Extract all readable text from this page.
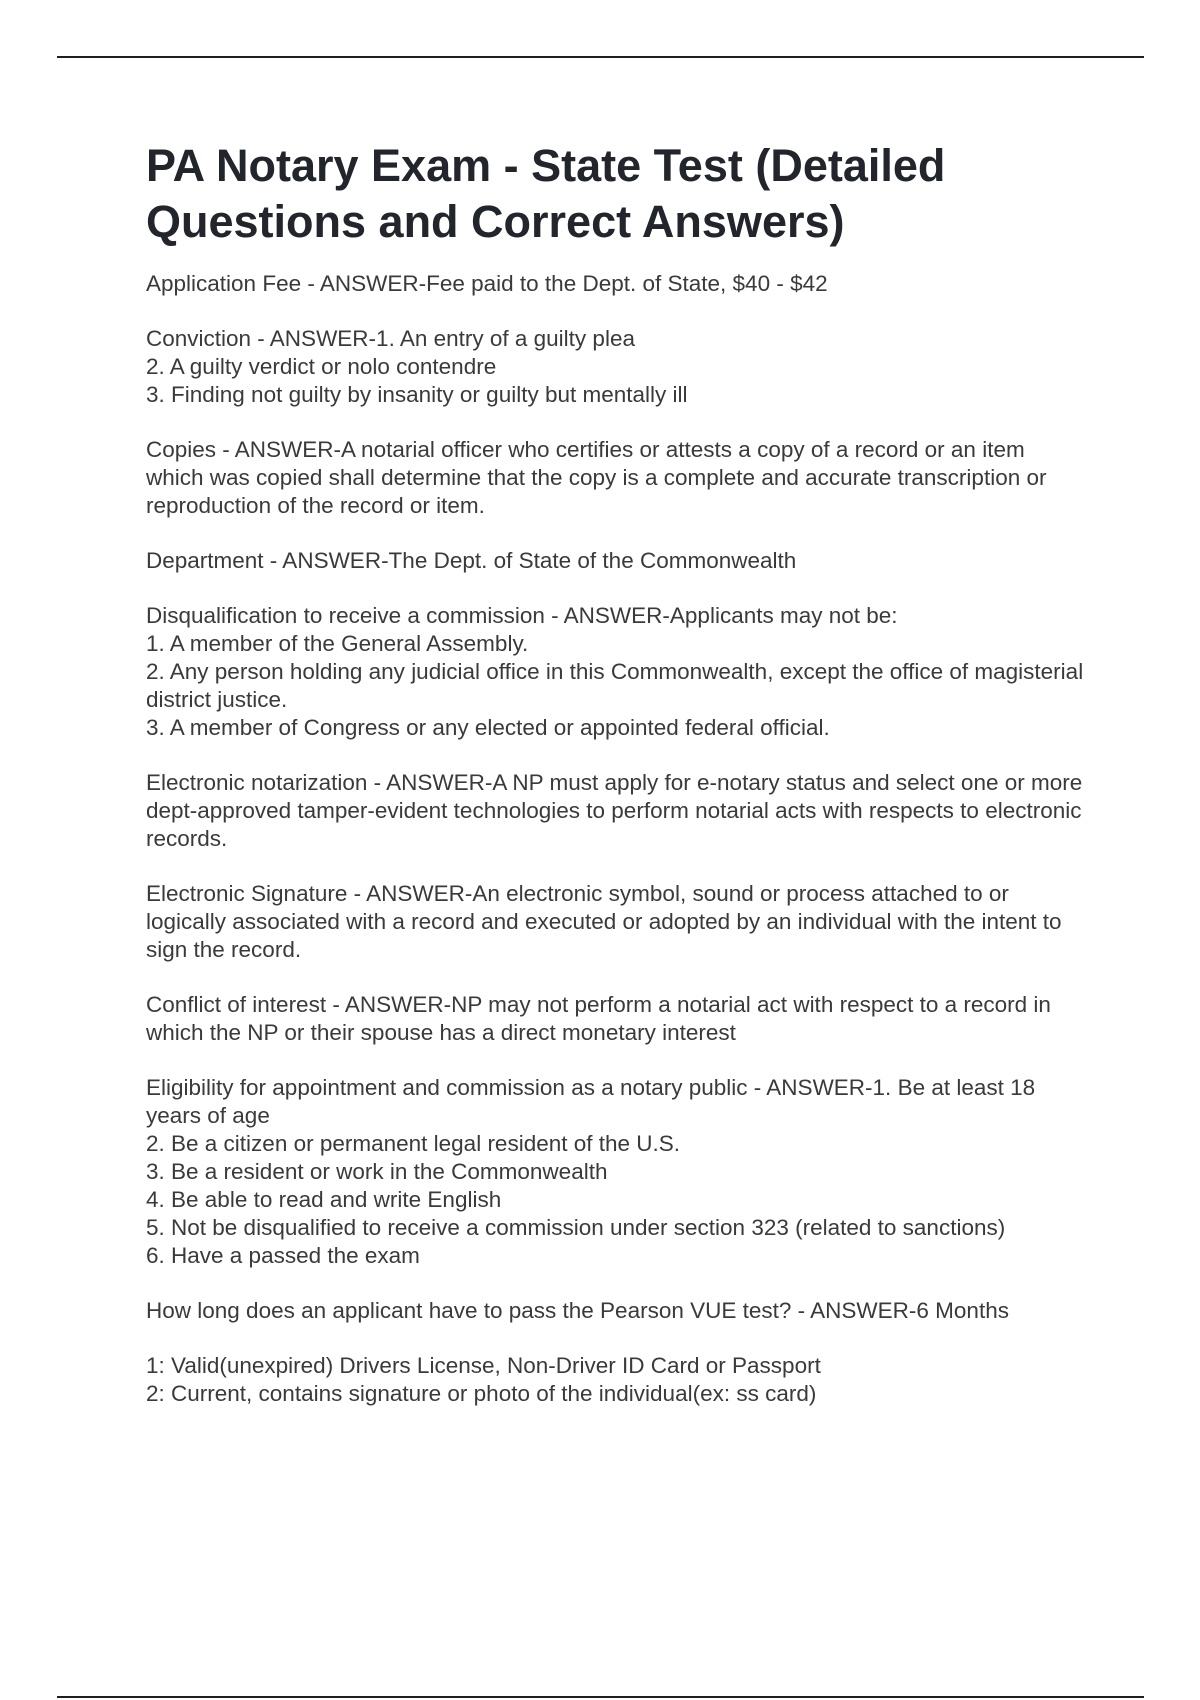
PA Notary Exam - State Test (Detailed Questions and Correct Answers)
Application Fee - ANSWER-Fee paid to the Dept. of State, $40 - $42
Conviction - ANSWER-1. An entry of a guilty plea
2. A guilty verdict or nolo contendre
3. Finding not guilty by insanity or guilty but mentally ill
Copies - ANSWER-A notarial officer who certifies or attests a copy of a record or an item which was copied shall determine that the copy is a complete and accurate transcription or reproduction of the record or item.
Department - ANSWER-The Dept. of State of the Commonwealth
Disqualification to receive a commission - ANSWER-Applicants may not be:
1. A member of the General Assembly.
2. Any person holding any judicial office in this Commonwealth, except the office of magisterial district justice.
3. A member of Congress or any elected or appointed federal official.
Electronic notarization - ANSWER-A NP must apply for e-notary status and select one or more dept-approved tamper-evident technologies to perform notarial acts with respects to electronic records.
Electronic Signature - ANSWER-An electronic symbol, sound or process attached to or logically associated with a record and executed or adopted by an individual with the intent to sign the record.
Conflict of interest - ANSWER-NP may not perform a notarial act with respect to a record in which the NP or their spouse has a direct monetary interest
Eligibility for appointment and commission as a notary public - ANSWER-1. Be at least 18 years of age
2. Be a citizen or permanent legal resident of the U.S.
3. Be a resident or work in the Commonwealth
4. Be able to read and write English
5. Not be disqualified to receive a commission under section 323 (related to sanctions)
6. Have a passed the exam
How long does an applicant have to pass the Pearson VUE test? - ANSWER-6 Months
1: Valid(unexpired) Drivers License, Non-Driver ID Card or Passport
2: Current, contains signature or photo of the individual(ex: ss card)
